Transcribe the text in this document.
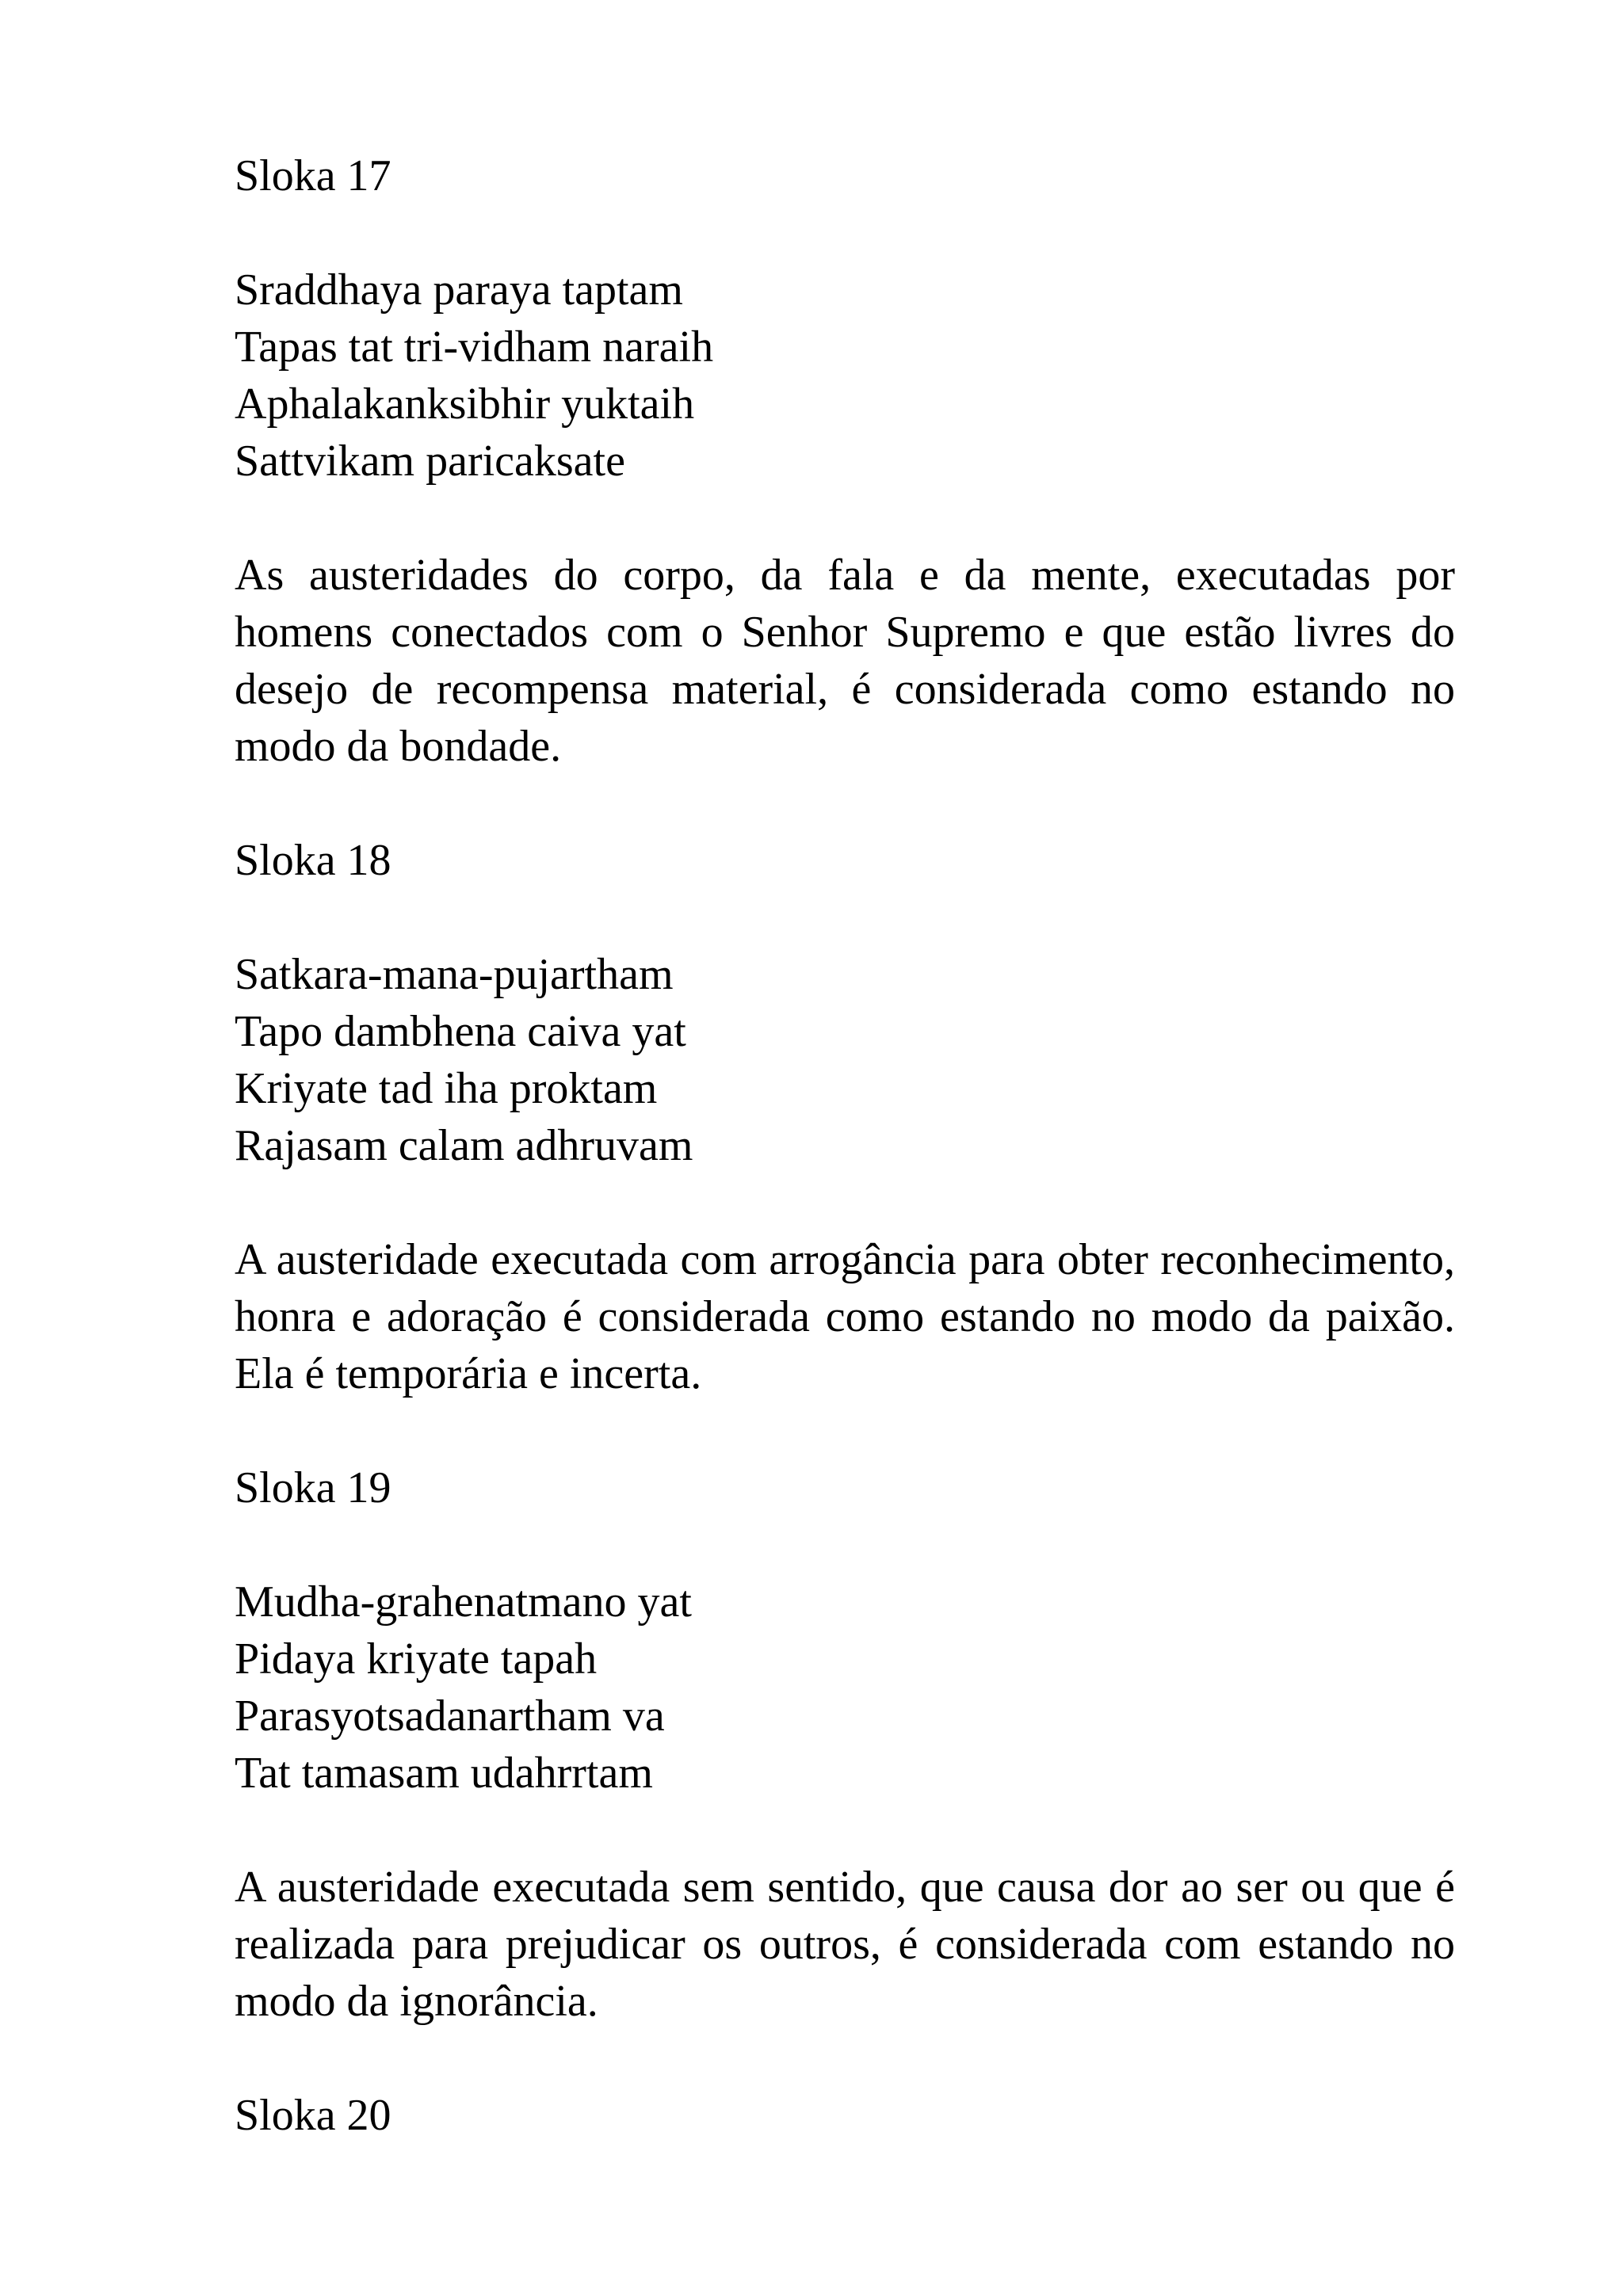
Sloka 17

Sraddhaya paraya taptam
Tapas tat tri-vidham naraih
Aphalakanksibhir yuktaih
Sattvikam paricaksate

As austeridades do corpo, da fala e da mente, executadas por homens conectados com o Senhor Supremo e que estão livres do desejo de recompensa material, é considerada como estando no modo da bondade.

Sloka 18

Satkara-mana-pujartham
Tapo dambhena caiva yat
Kriyate tad iha proktam
Rajasam calam adhruvam

A austeridade executada com arrogância para obter reconhecimento, honra e adoração é considerada como estando no modo da paixão. Ela é temporária e incerta.

Sloka 19

Mudha-grahenatmano yat
Pidaya kriyate tapah
Parasyotsadanartham va
Tat tamasam udahrrtam

A austeridade executada sem sentido, que causa dor ao ser ou que é realizada para prejudicar os outros, é considerada com estando no modo da ignorância.

Sloka 20
